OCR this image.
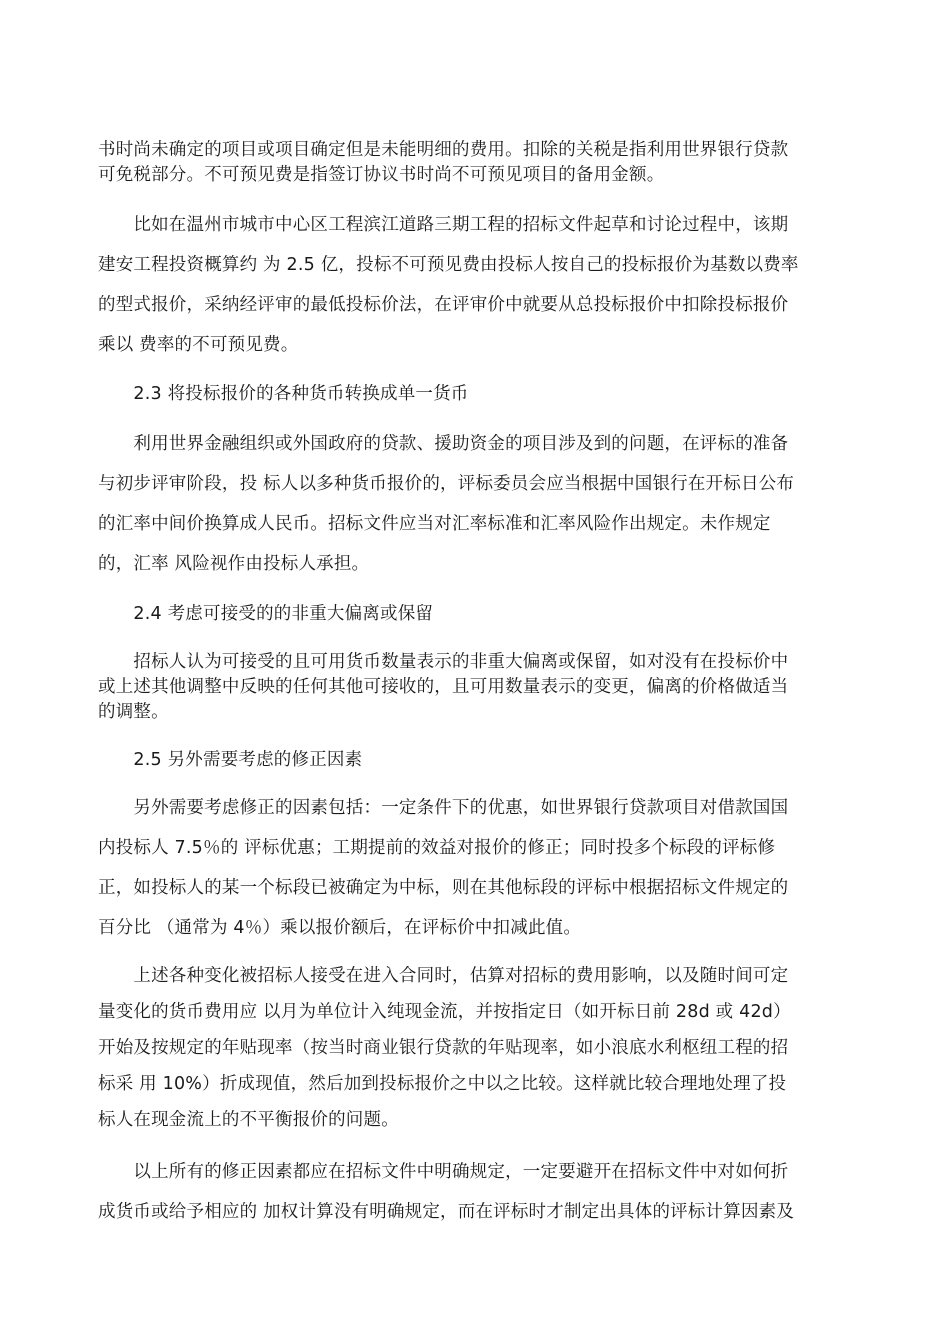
书时尚未确定的项目或项目确定但是未能明细的费用。扣除的关税是指利用世界银行贷款
可免税部分。不可预见费是指签订协议书时尚不可预见项目的备用金额。

　　比如在温州市城市中心区工程滨江道路三期工程的招标文件起草和讨论过程中，该期
建安工程投资概算约 为 2.5 亿，投标不可预见费由投标人按自己的投标报价为基数以费率
的型式报价，采纳经评审的最低投标价法，在评审价中就要从总投标报价中扣除投标报价
乘以 费率的不可预见费。

　　2.3 将投标报价的各种货币转换成单一货币

　　利用世界金融组织或外国政府的贷款、援助资金的项目涉及到的问题，在评标的准备
与初步评审阶段，投 标人以多种货币报价的，评标委员会应当根据中国银行在开标日公布
的汇率中间价换算成人民币。招标文件应当对汇率标准和汇率风险作出规定。未作规定
的，汇率 风险视作由投标人承担。

　　2.4 考虑可接受的的非重大偏离或保留

　　招标人认为可接受的且可用货币数量表示的非重大偏离或保留，如对没有在投标价中
或上述其他调整中反映的任何其他可接收的，且可用数量表示的变更，偏离的价格做适当
的调整。

　　2.5 另外需要考虑的修正因素

　　另外需要考虑修正的因素包括：一定条件下的优惠，如世界银行贷款项目对借款国国
内投标人 7.5％的 评标优惠；工期提前的效益对报价的修正；同时投多个标段的评标修
正，如投标人的某一个标段已被确定为中标，则在其他标段的评标中根据招标文件规定的
百分比 （通常为 4％）乘以报价额后，在评标价中扣减此值。

　　上述各种变化被招标人接受在进入合同时，估算对招标的费用影响，以及随时间可定
量变化的货币费用应 以月为单位计入纯现金流，并按指定日（如开标日前 28d 或 42d）
开始及按规定的年贴现率（按当时商业银行贷款的年贴现率，如小浪底水利枢纽工程的招
标采 用 10%）折成现值，然后加到投标报价之中以之比较。这样就比较合理地处理了投
标人在现金流上的不平衡报价的问题。

　　以上所有的修正因素都应在招标文件中明确规定，一定要避开在招标文件中对如何折
成货币或给予相应的 加权计算没有明确规定，而在评标时才制定出具体的评标计算因素及
